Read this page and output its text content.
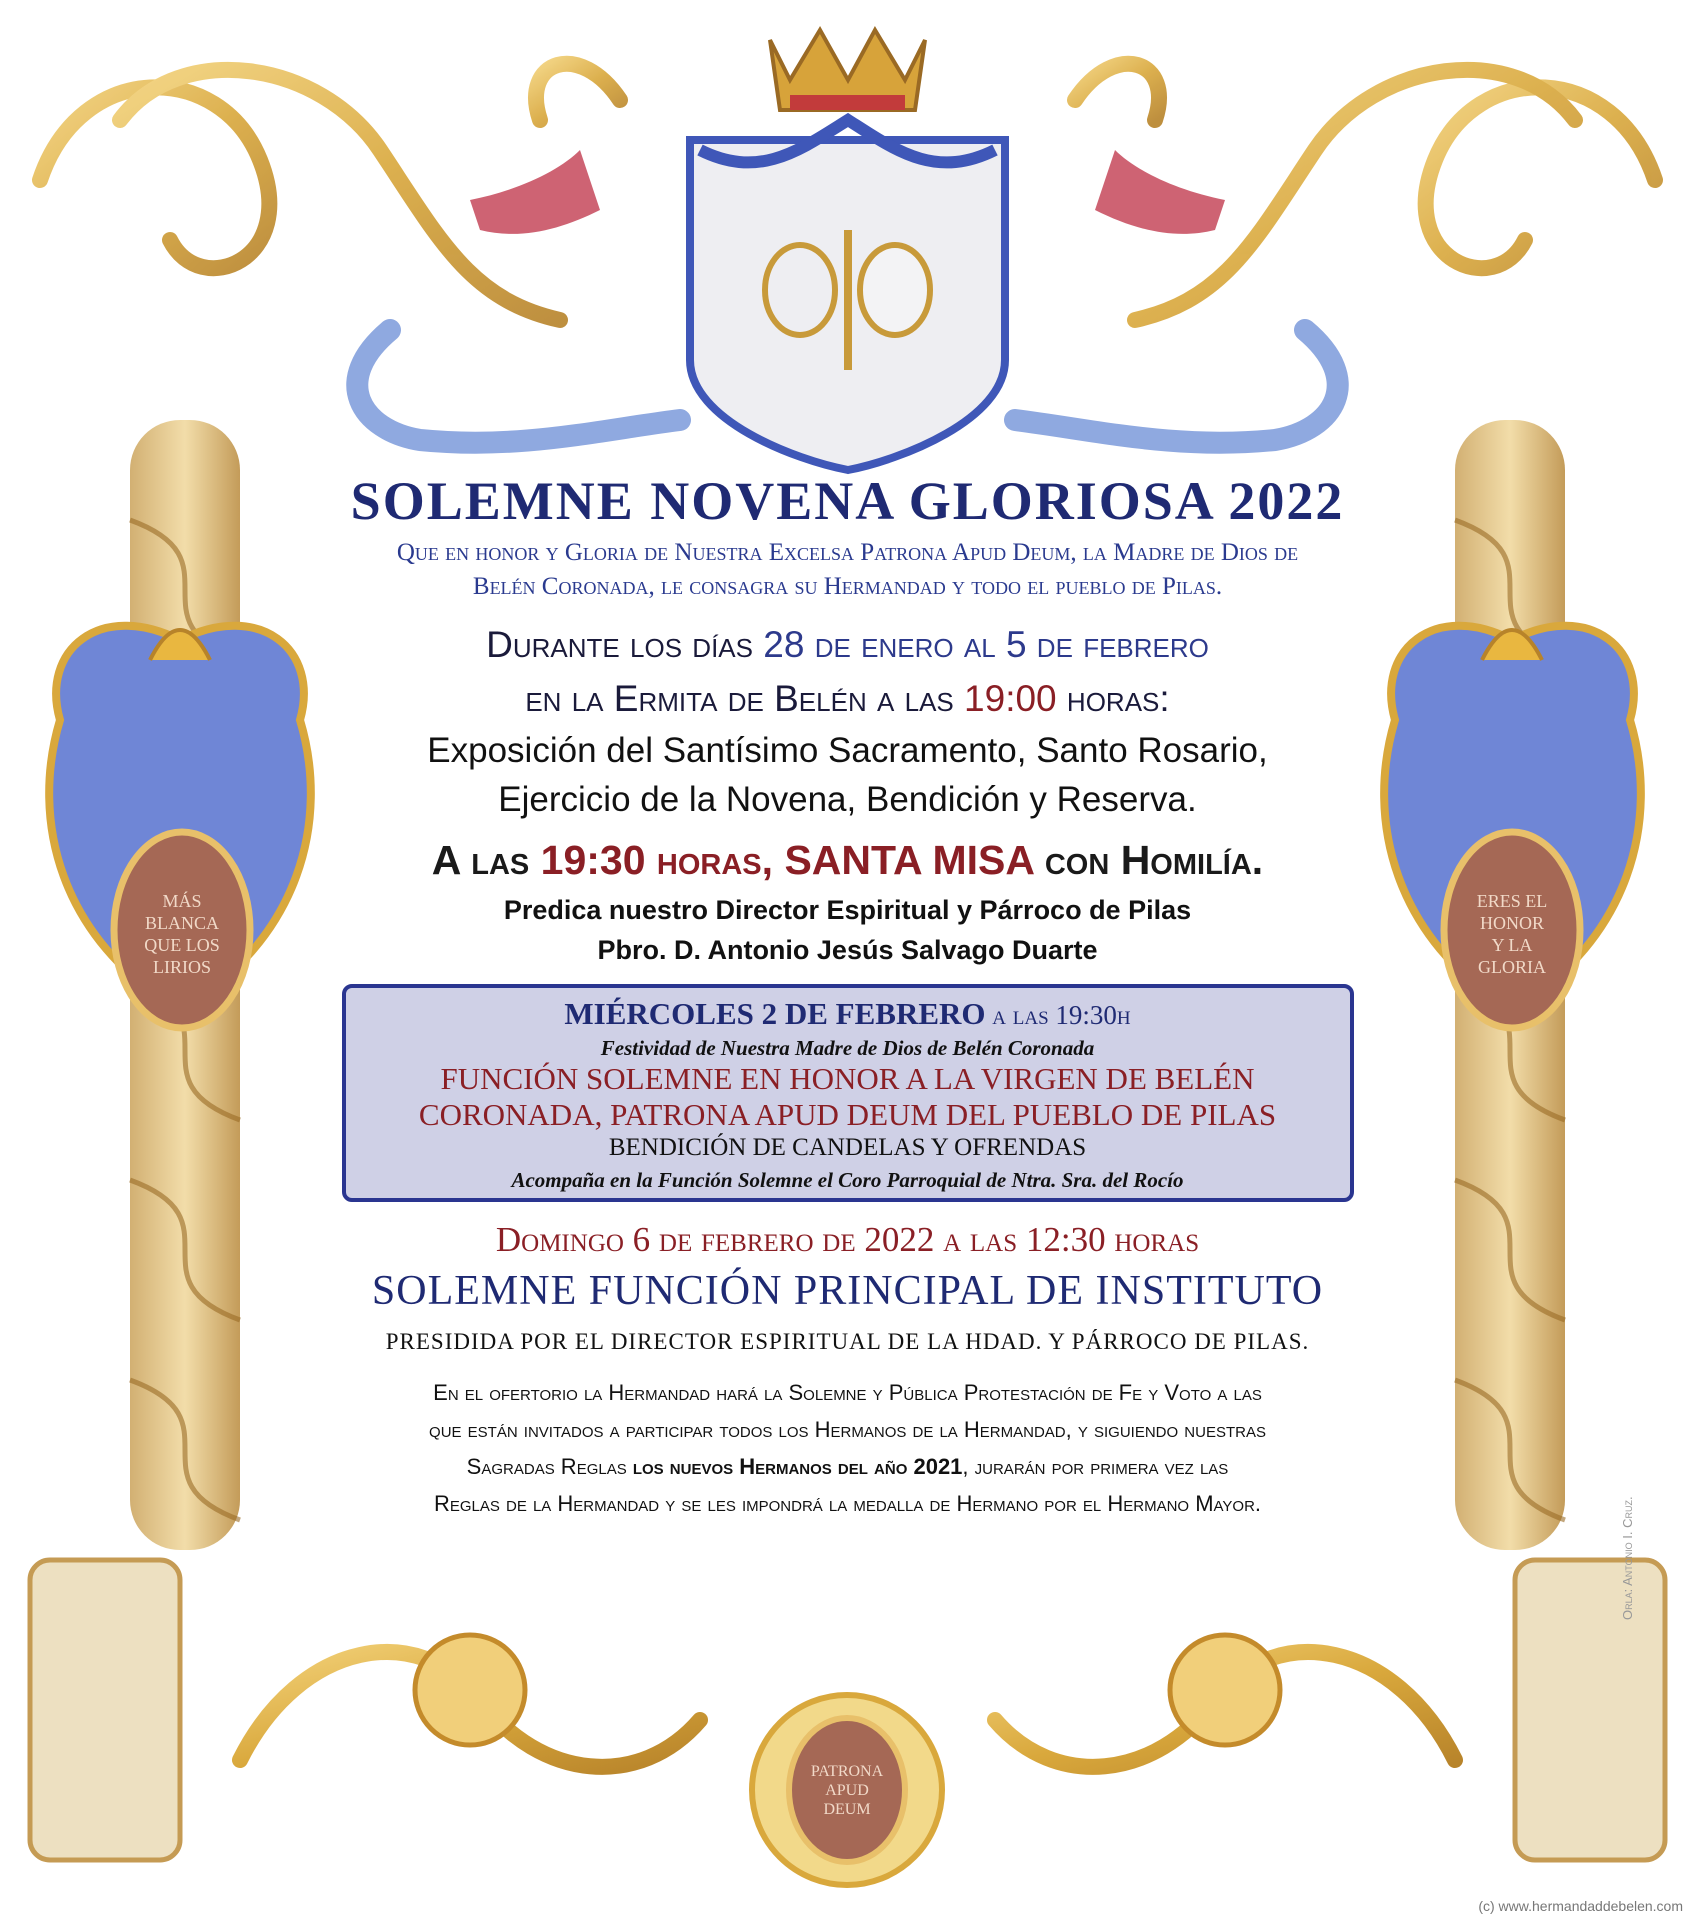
MÁS
BLANCA
QUE LOS
LIRIOS
ERES EL
HONOR
Y LA
GLORIA
PATRONA
APUD
DEUM
SOLEMNE NOVENA GLORIOSA 2022

Que en honor y Gloria de Nuestra Excelsa Patrona Apud Deum, la Madre de Dios de
Belén Coronada, le consagra su Hermandad y todo el pueblo de Pilas.

Durante los días 28 de enero al 5 de febrero

en la Ermita de Belén a las 19:00 horas:

Exposición del Santísimo Sacramento, Santo Rosario,
Ejercicio de la Novena, Bendición y Reserva.

A las 19:30 horas, SANTA MISA con Homilía.

Predica nuestro Director Espiritual y Párroco de Pilas
Pbro. D. Antonio Jesús Salvago Duarte

MIÉRCOLES 2 DE FEBRERO a las 19:30h
Festividad de Nuestra Madre de Dios de Belén Coronada
FUNCIÓN SOLEMNE EN HONOR A LA VIRGEN DE BELÉN
CORONADA, PATRONA APUD DEUM DEL PUEBLO DE PILAS
BENDICIÓN DE CANDELAS Y OFRENDAS
Acompaña en la Función Solemne el Coro Parroquial de Ntra. Sra. del Rocío

Domingo 6 de febrero de 2022 a las 12:30 horas

SOLEMNE FUNCIÓN PRINCIPAL DE INSTITUTO

PRESIDIDA POR EL DIRECTOR ESPIRITUAL DE LA HDAD. Y PÁRROCO DE PILAS.

En el ofertorio la Hermandad hará la Solemne y Pública Protestación de Fe y Voto a las
que están invitados a participar todos los Hermanos de la Hermandad, y siguiendo nuestras
Sagradas Reglas los nuevos Hermanos del año 2021, jurarán por primera vez las
Reglas de la Hermandad y se les impondrá la medalla de Hermano por el Hermano Mayor.	Orla: Antonio I. Cruz.
(c) www.hermandaddebelen.com
